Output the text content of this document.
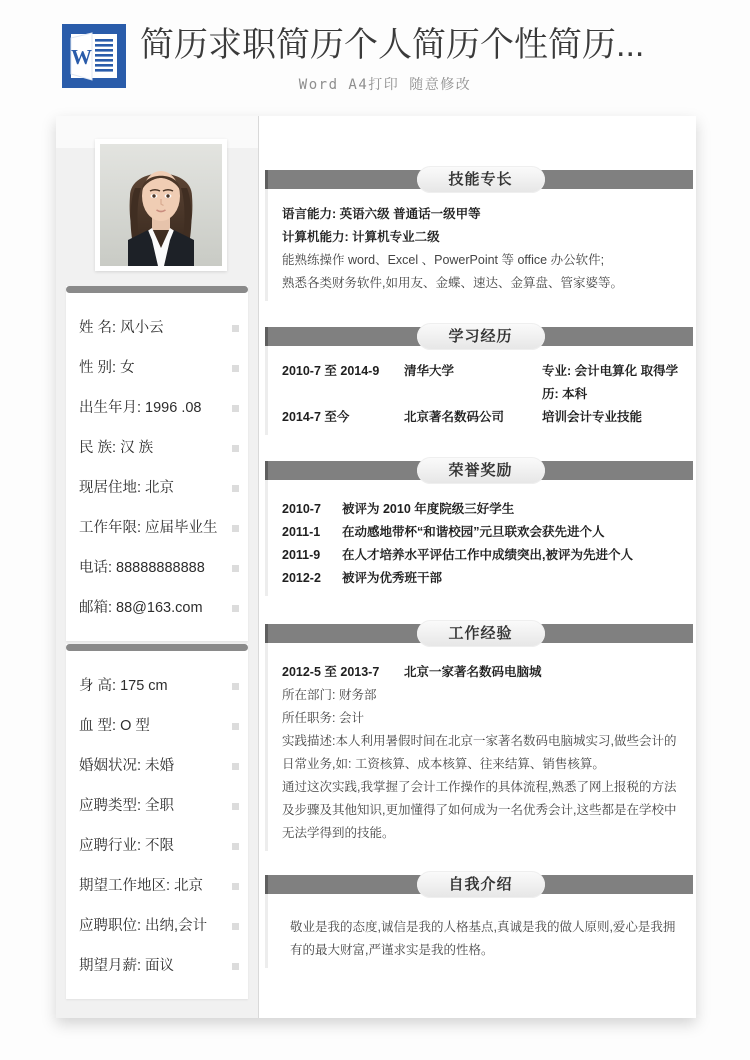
W 简历求职简历个人简历个性简历...
Word A4打印 随意修改
姓 名: 风小云
性 别: 女
出生年月: 1996 .08
民 族: 汉 族
现居住地: 北京
工作年限: 应届毕业生
电话: 88888888888
邮箱: 88@163.com
身 高: 175 cm
血 型: O 型
婚姻状况: 未婚
应聘类型: 全职
应聘行业: 不限
期望工作地区: 北京
应聘职位: 出纳,会计
期望月薪: 面议
技能专长
语言能力: 英语六级 普通话一级甲等
计算机能力: 计算机专业二级
能熟练操作 word、Excel 、PowerPoint 等 office 办公软件;
熟悉各类财务软件,如用友、金蝶、速达、金算盘、管家婆等。
学习经历
2010-7 至 2014-9	清华大学	专业: 会计电算化 取得学历: 本科
2014-7 至今	北京著名数码公司	培训会计专业技能
荣誉奖励
2010-7	被评为 2010 年度院级三好学生
2011-1	在动感地带杯“和谐校园”元旦联欢会获先进个人
2011-9	在人才培养水平评估工作中成绩突出,被评为先进个人
2012-2	被评为优秀班干部
工作经验
2012-5 至 2013-7	北京一家著名数码电脑城
所在部门: 财务部
所任职务: 会计
实践描述:本人利用暑假时间在北京一家著名数码电脑城实习,做些会计的日常业务,如: 工资核算、成本核算、往来结算、销售核算。
通过这次实践,我掌握了会计工作操作的具体流程,熟悉了网上报税的方法及步骤及其他知识,更加懂得了如何成为一名优秀会计,这些都是在学校中无法学得到的技能。
自我介绍
敬业是我的态度,诚信是我的人格基点,真诚是我的做人原则,爱心是我拥有的最大财富,严谨求实是我的性格。
